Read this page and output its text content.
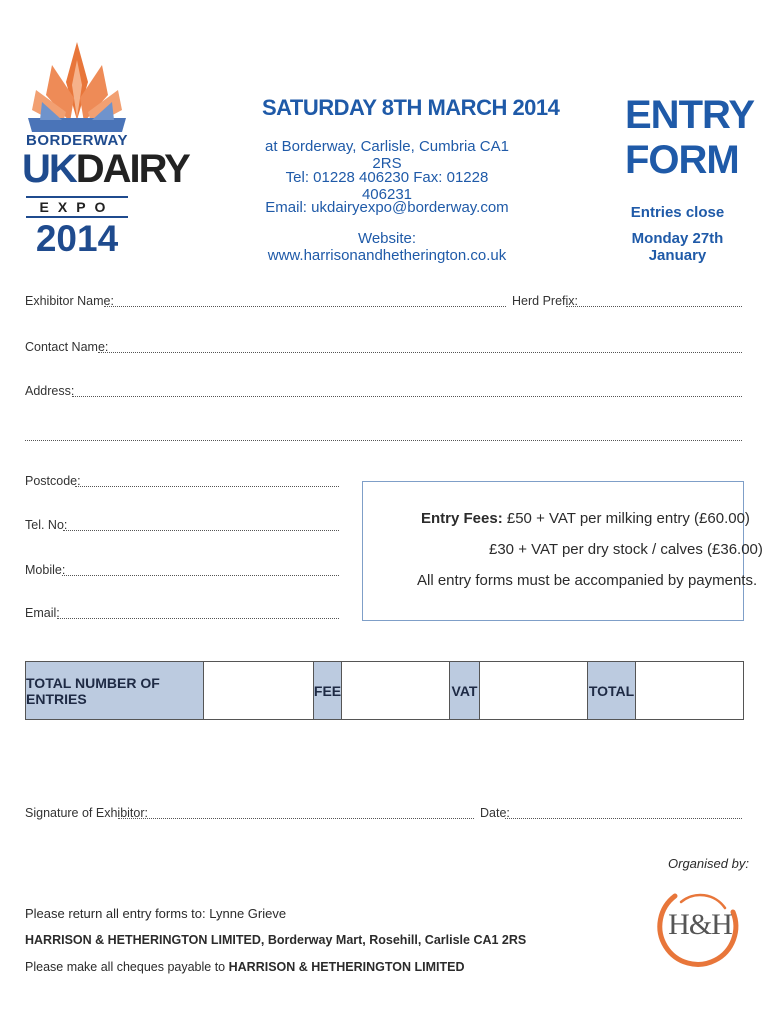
BORDERWAY
UKDAIRY
EXPO
2014
SATURDAY 8TH MARCH 2014
at Borderway, Carlisle, Cumbria CA1 2RS
Tel: 01228 406230 Fax: 01228 406231
Email: ukdairyexpo@borderway.com
Website: www.harrisonandhetherington.co.uk
ENTRY
FORM
Entries close
Monday 27th January
Exhibitor Name:	Herd Prefix:
Contact Name:
Address:
Postcode:
Tel. No:
Mobile:
Email:
Entry Fees: £50 + VAT per milking entry (£60.00)
£30 + VAT per dry stock / calves (£36.00)
All entry forms must be accompanied by payments.
TOTAL NUMBER OF ENTRIES	FEE	VAT	TOTAL
Signature of Exhibitor:	Date:
Organised by:
Please return all entry forms to: Lynne Grieve
HARRISON & HETHERINGTON LIMITED, Borderway Mart, Rosehill, Carlisle CA1 2RS
Please make all cheques payable to HARRISON & HETHERINGTON LIMITED
H&H
